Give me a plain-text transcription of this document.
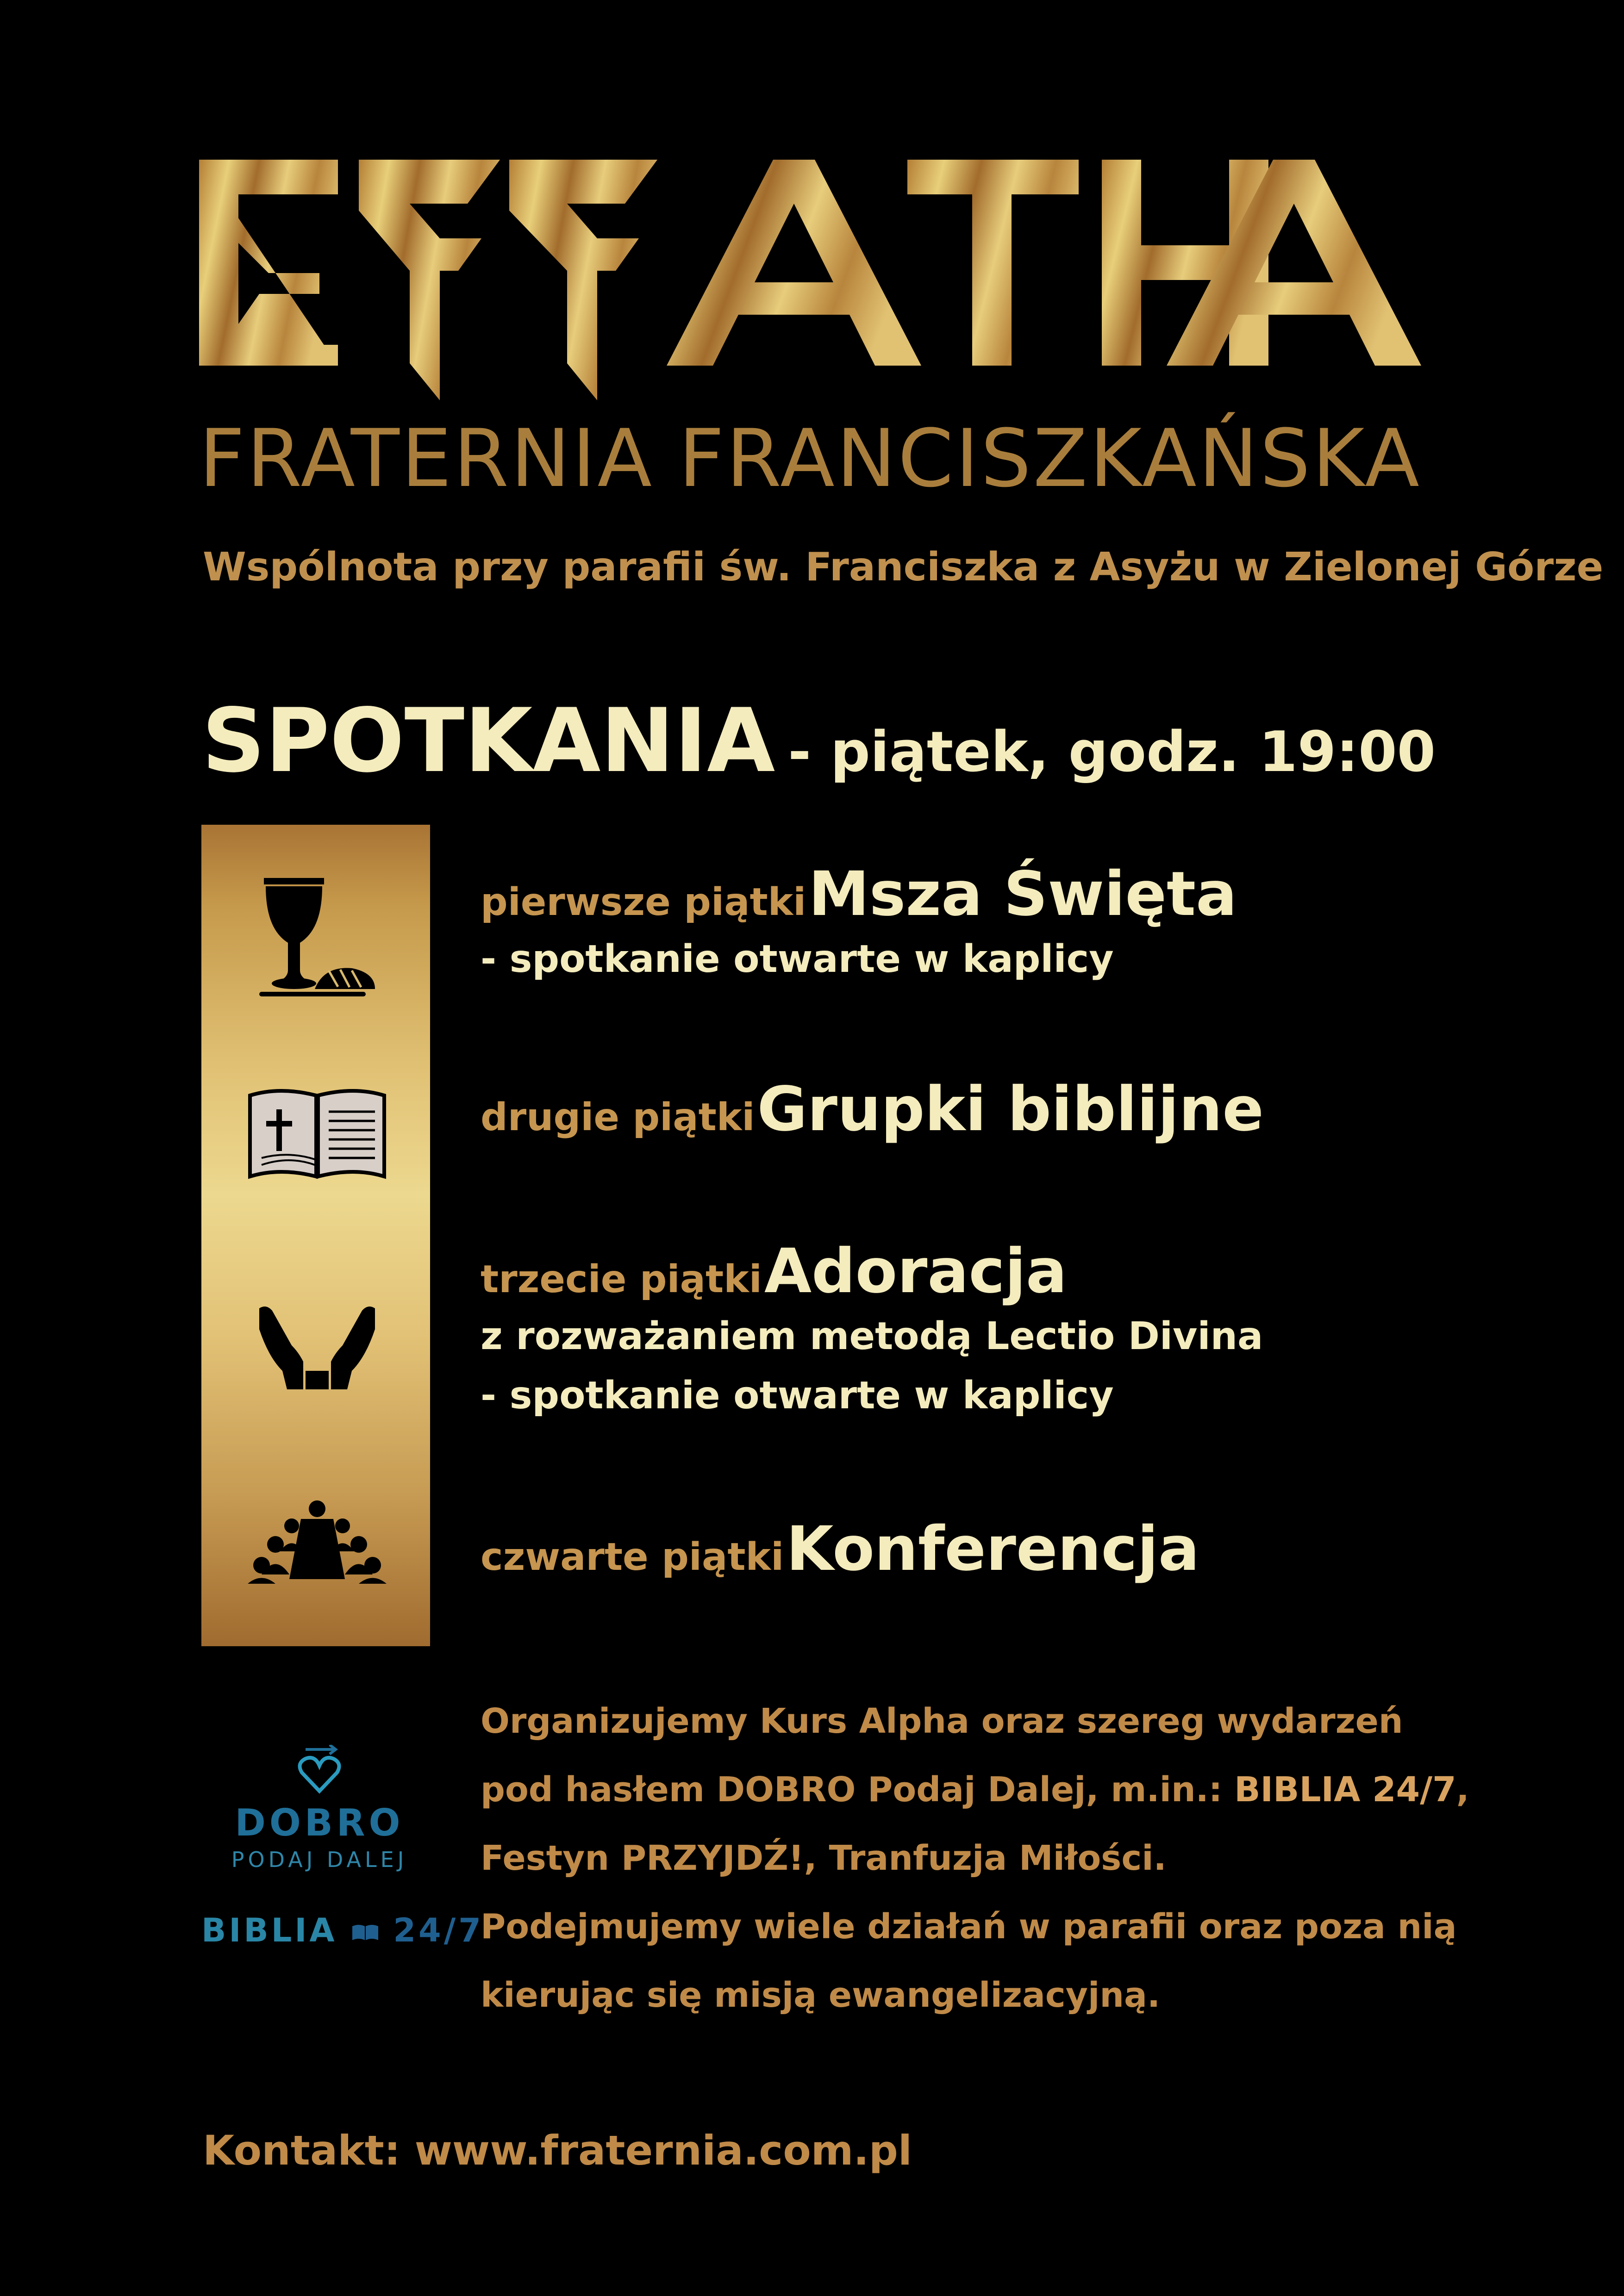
FRATERNIA FRANCISZKAŃSKA
Wspólnota przy parafii św. Franciszka z Asyżu w Zielonej Górze
SPOTKANIA - piątek, godz. 19:00
pierwsze piątki Msza Święta
- spotkanie otwarte w kaplicy
drugie piątki Grupki biblijne
trzecie piątki Adoracja
z rozważaniem metodą Lectio Divina
- spotkanie otwarte w kaplicy
czwarte piątki Konferencja
DOBRO
PODAJ DALEJ
BIBLIA 24/7

Organizujemy Kurs Alpha oraz szereg wydarzeń

pod hasłem DOBRO Podaj Dalej, m.in.: BIBLIA 24/7,

Festyn PRZYJDŹ!, Tranfuzja Miłości.

Podejmujemy wiele działań w parafii oraz poza nią

kierując się misją ewangelizacyjną.

Kontakt: www.fraternia.com.pl
